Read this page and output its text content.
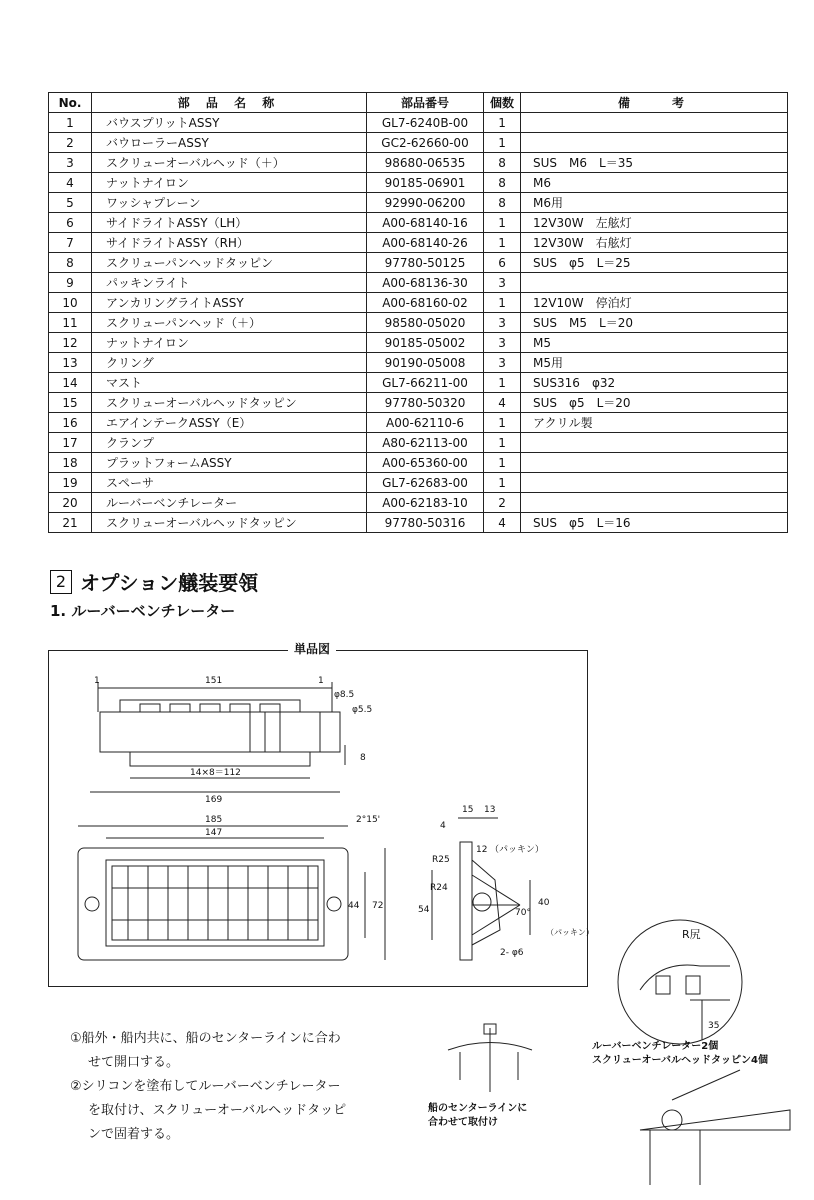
No.	部 品 名 称	部品番号	個数	備　　考
1	バウスプリットASSY	GL7-6240B-00	1	
2	バウローラーASSY	GC2-62660-00	1	
3	スクリューオーバルヘッド（＋）	98680-06535	8	SUS　M6　L＝35
4	ナットナイロン	90185-06901	8	M6
5	ワッシャプレーン	92990-06200	8	M6用
6	サイドライトASSY（LH）	A00-68140-16	1	12V30W　左舷灯
7	サイドライトASSY（RH）	A00-68140-26	1	12V30W　右舷灯
8	スクリューパンヘッドタッピン	97780-50125	6	SUS　φ5　L＝25
9	パッキンライト	A00-68136-30	3	
10	アンカリングライトASSY	A00-68160-02	1	12V10W　停泊灯
11	スクリューパンヘッド（＋）	98580-05020	3	SUS　M5　L＝20
12	ナットナイロン	90185-05002	3	M5
13	クリング	90190-05008	3	M5用
14	マスト	GL7-66211-00	1	SUS316　φ32
15	スクリューオーバルヘッドタッピン	97780-50320	4	SUS　φ5　L＝20
16	エアインテークASSY（E）	A00-62110-6	1	アクリル製
17	クランプ	A80-62113-00	1	
18	プラットフォームASSY	A00-65360-00	1	
19	スペーサ	GL7-62683-00	1	
20	ルーバーベンチレーター	A00-62183-10	2	
21	スクリューオーバルヘッドタッピン	97780-50316	4	SUS　φ5　L＝16
2 オプション艤装要領
1. ルーバーベンチレーター
単品図
1	151	1
φ8.5
φ5.5
8
14×8＝112
169
185
147
2°15'
44 72
15 13
4
12 （パッキン）
R25
R24
54	70°
40
（パッキン）
2- φ6
R尻
35

①船外・船内共に、船のセンターラインに合わ

せて開口する。

②シリコンを塗布してルーバーベンチレーター

を取付け、スクリューオーバルヘッドタッピ

ンで固着する。

船のセンターラインに
合わせて取付け
ルーバーベンチレーター2個
スクリューオーバルヘッドタッピン4個
